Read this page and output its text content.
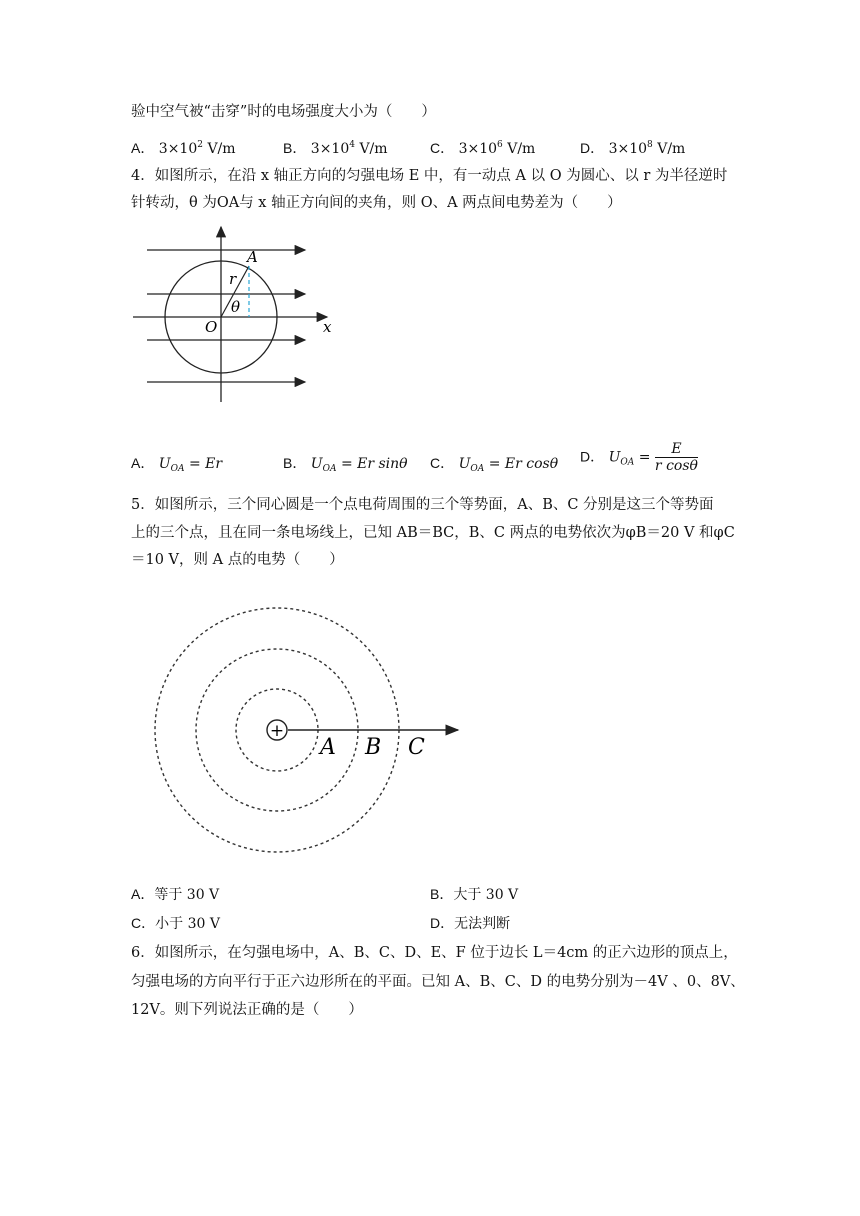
验中空气被“击穿”时的电场强度大小为（　　）
A． $3\times 10^2$ V/m	B． $3\times 10^4$ V/m	C． $3\times 10^6$ V/m	D． $3\times 10^8$ V/m
4．如图所示，在沿 x 轴正方向的匀强电场 E 中，有一动点 A 以 O 为圆心、以 r 为半径逆时
针转动，θ 为OA与 x 轴正方向间的夹角，则 O、A 两点间电势差为（　　）
A
r
θ
O	x
A． $U_{OA} = Er$	B． $U_{OA} = Er$ sinθ C． $U_{OA} = Er$ cosθ D． $U_{OA} = \frac{E}{\text{r cosθ}}$
5．如图所示，三个同心圆是一个点电荷周围的三个等势面，A、B、C 分别是这三个等势面
上的三个点，且在同一条电场线上，已知 AB＝BC，B、C 两点的电势依次为φB＝20 V 和φC
＝10 V，则 A 点的电势（　　）
+
A B C
A．等于 30 V	B．大于 30 V
C．小于 30 V	D．无法判断
6．如图所示，在匀强电场中，A、B、C、D、E、F 位于边长 L＝4cm 的正六边形的顶点上，
匀强电场的方向平行于正六边形所在的平面。已知 A、B、C、D 的电势分别为－4V 、0、8V、
12V。则下列说法正确的是（　　）
